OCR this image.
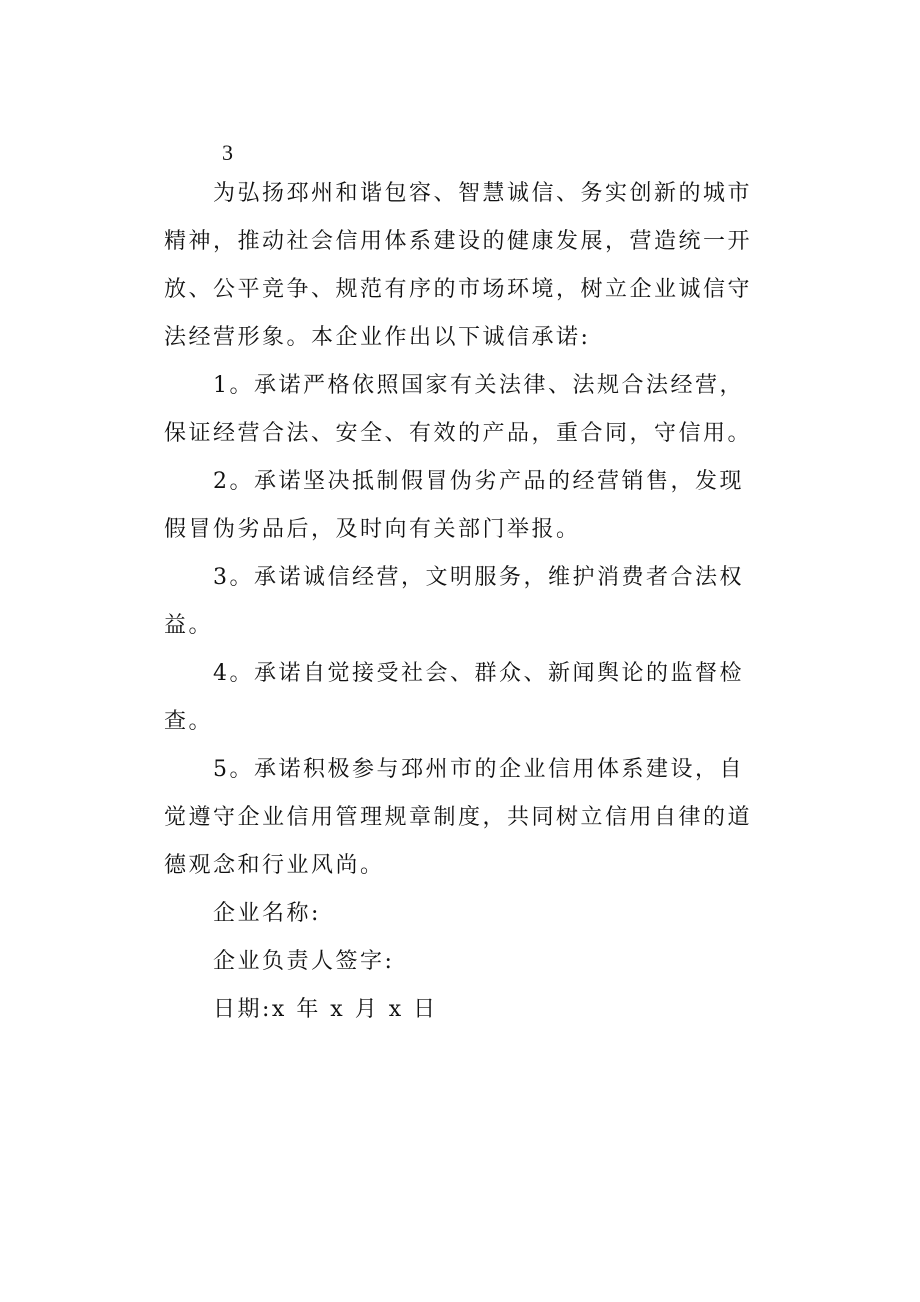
3

为弘扬邳州和谐包容、智慧诚信、务实创新的城市精神，推动社会信用体系建设的健康发展，营造统一开放、公平竞争、规范有序的市场环境，树立企业诚信守法经营形象。本企业作出以下诚信承诺:

1。承诺严格依照国家有关法律、法规合法经营，保证经营合法、安全、有效的产品，重合同，守信用。

2。承诺坚决抵制假冒伪劣产品的经营销售，发现假冒伪劣品后，及时向有关部门举报。

3。承诺诚信经营，文明服务，维护消费者合法权益。

4。承诺自觉接受社会、群众、新闻舆论的监督检查。

5。承诺积极参与邳州市的企业信用体系建设，自觉遵守企业信用管理规章制度，共同树立信用自律的道德观念和行业风尚。

企业名称:

企业负责人签字:

日期:x 年 x 月 x 日
